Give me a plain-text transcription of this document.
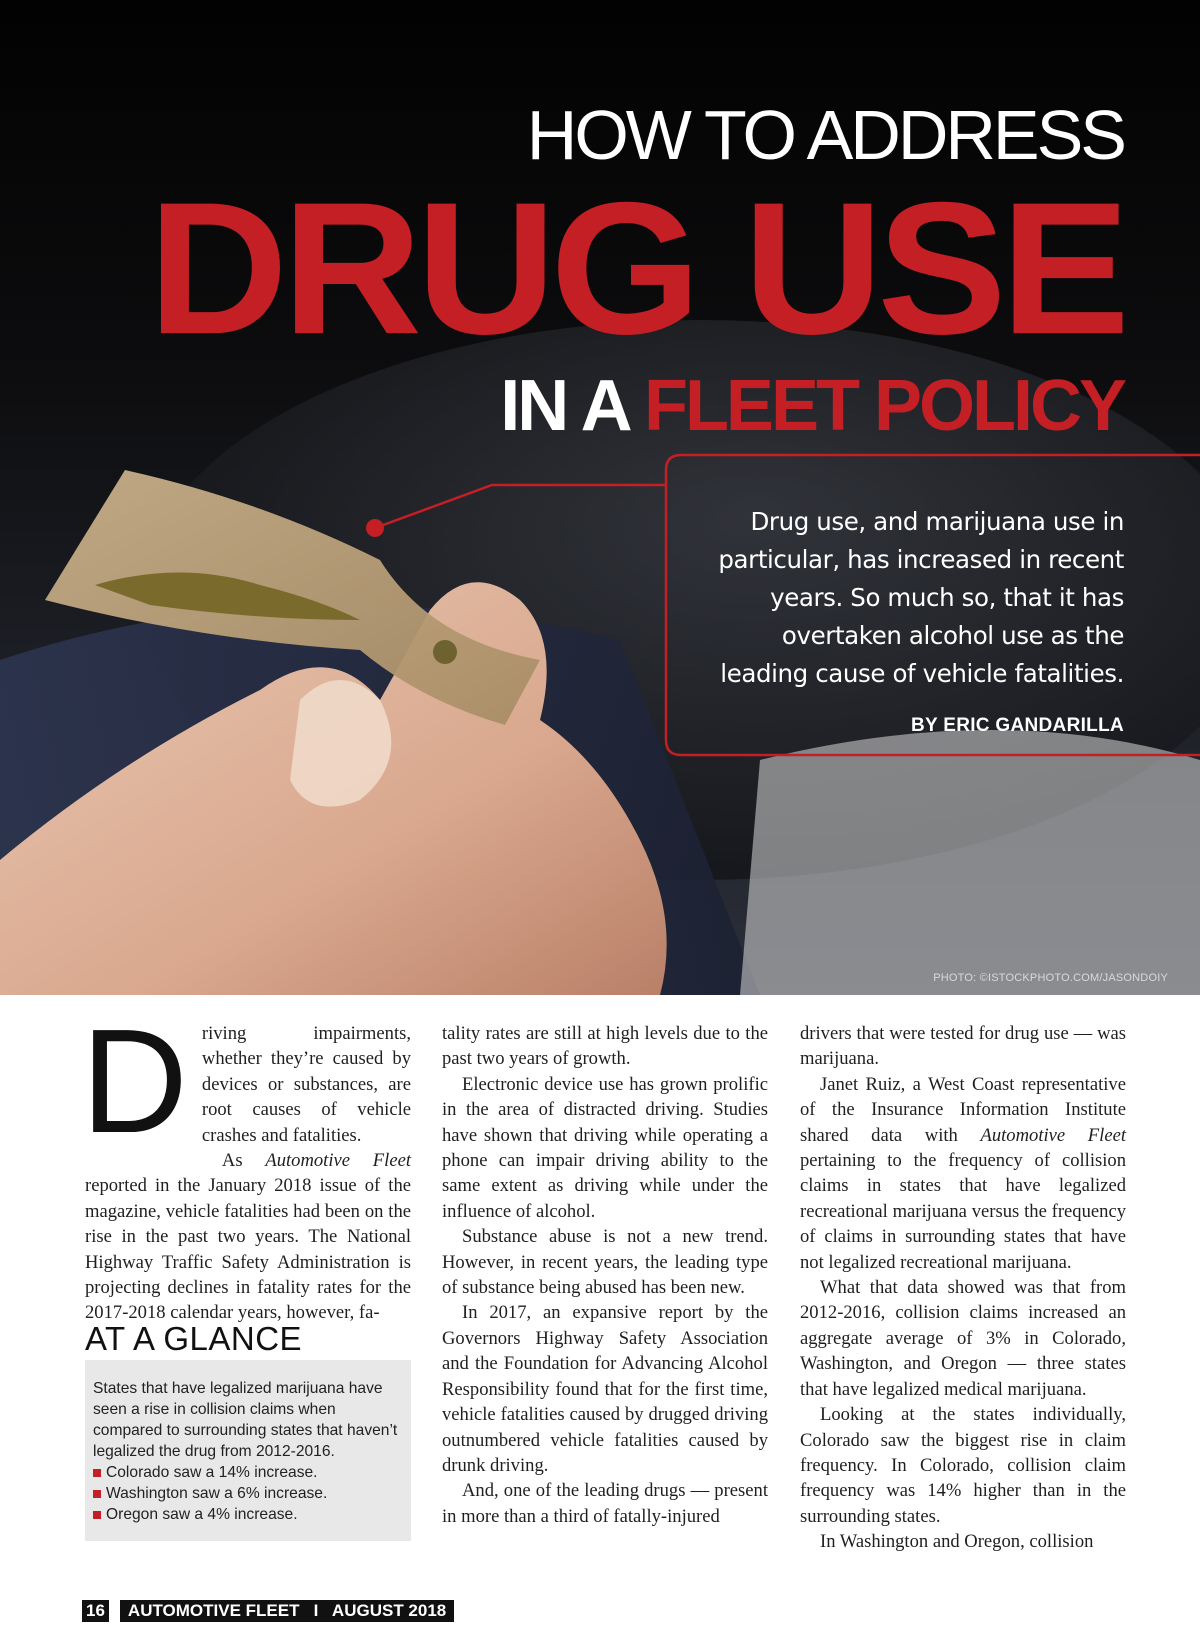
HOW TO ADDRESS
DRUG USE
IN A FLEET POLICY
Drug use, and marijuana use in particular, has increased in recent years. So much so, that it has overtaken alcohol use as the leading cause of vehicle fatalities.
BY ERIC GANDARILLA
PHOTO: ©ISTOCKPHOTO.COM/JASONDOIY
D riving impairments, whether they’re caused by devices or substances, are root causes of vehicle crashes and fatalities.

As Automotive Fleet reported in the January 2018 issue of the magazine, vehicle fatalities had been on the rise in the past two years. The National Highway Traffic Safety Administration is projecting declines in fatality rates for the 2017-2018 calendar years, however, fa-

AT A GLANCE

States that have legalized marijuana have seen a rise in collision claims when compared to surrounding states that haven’t legalized the drug from 2012-2016.

Colorado saw a 14% increase.
Washington saw a 6% increase.
Oregon saw a 4% increase.

tality rates are still at high levels due to the past two years of growth.

Electronic device use has grown prolific in the area of distracted driving. Studies have shown that driving while operating a phone can impair driving ability to the same extent as driving while under the influence of alcohol.

Substance abuse is not a new trend. However, in recent years, the leading type of substance being abused has been new.

In 2017, an expansive report by the Governors Highway Safety Association and the Foundation for Advancing Alcohol Responsibility found that for the first time, vehicle fatalities caused by drugged driving outnumbered vehicle fatalities caused by drunk driving.

And, one of the leading drugs — present in more than a third of fatally-injured

drivers that were tested for drug use — was marijuana.

Janet Ruiz, a West Coast representative of the Insurance Information Institute shared data with Automotive Fleet pertaining to the frequency of collision claims in states that have legalized recreational marijuana versus the frequency of claims in surrounding states that have not legalized recreational marijuana.

What that data showed was that from 2012-2016, collision claims increased an aggregate average of 3% in Colorado, Washington, and Oregon — three states that have legalized medical marijuana.

Looking at the states individually, Colorado saw the biggest rise in claim frequency. In Colorado, collision claim frequency was 14% higher than in the surrounding states.

In Washington and Oregon, collision

16 AUTOMOTIVE FLEET   I   AUGUST 2018
